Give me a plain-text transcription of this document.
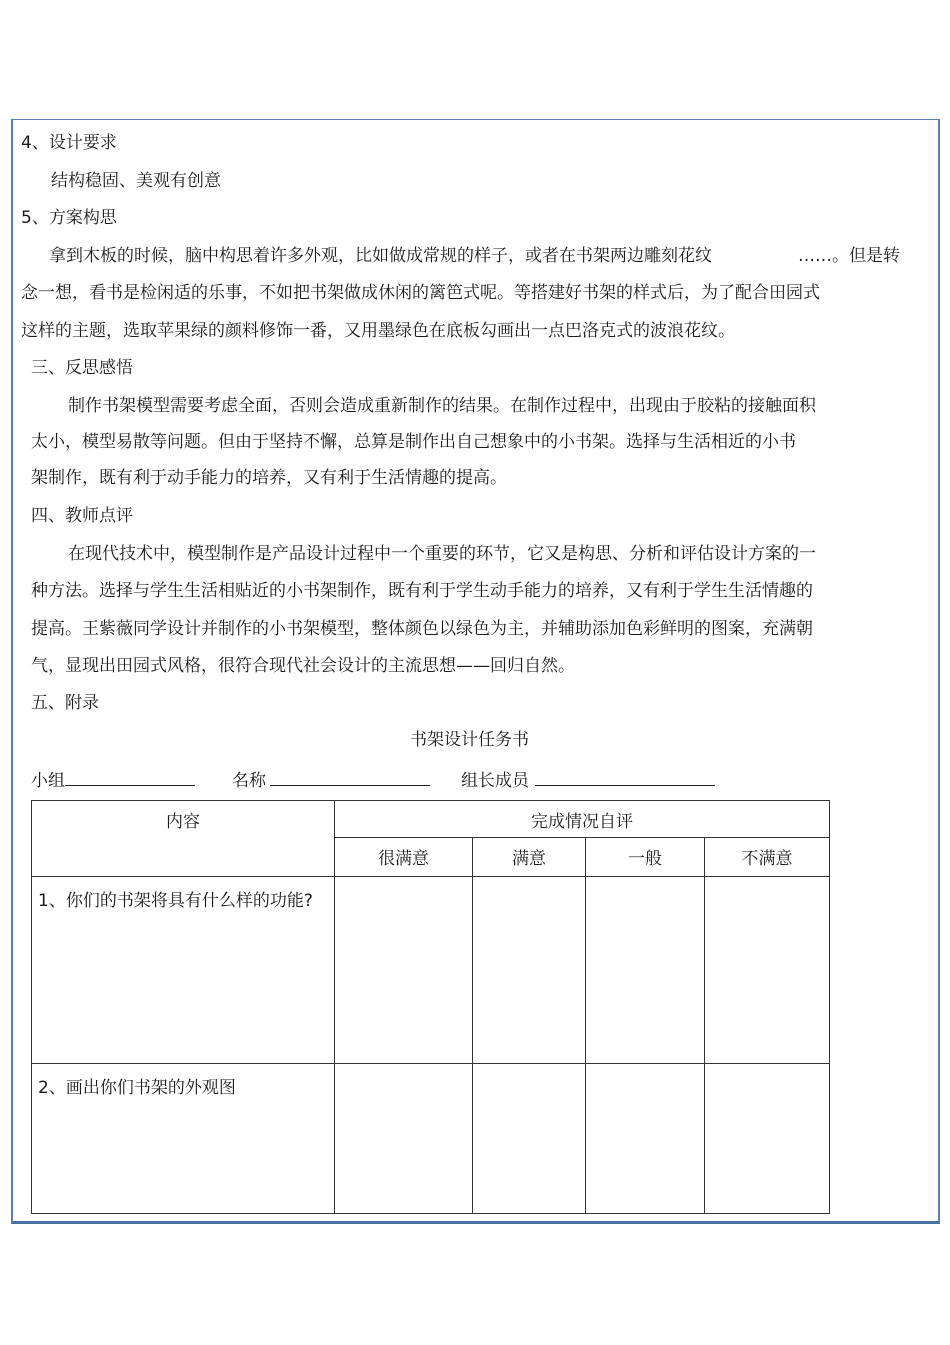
4、设计要求
结构稳固、美观有创意
5、方案构思
拿到木板的时候，脑中构思着许多外观，比如做成常规的样子，或者在书架两边雕刻花纹	……。但是转
念一想，看书是检闲适的乐事，不如把书架做成休闲的篱笆式呢。等搭建好书架的样式后，为了配合田园式
这样的主题，选取苹果绿的颜料修饰一番，又用墨绿色在底板勾画出一点巴洛克式的波浪花纹。
三、反思感悟
制作书架模型需要考虑全面，否则会造成重新制作的结果。在制作过程中，出现由于胶粘的接触面积
太小，模型易散等问题。但由于坚持不懈，总算是制作出自己想象中的小书架。选择与生活相近的小书
架制作，既有利于动手能力的培养，又有利于生活情趣的提高。
四、教师点评
在现代技术中，模型制作是产品设计过程中一个重要的环节，它又是构思、分析和评估设计方案的一
种方法。选择与学生生活相贴近的小书架制作，既有利于学生动手能力的培养，又有利于学生生活情趣的
提高。王紫薇同学设计并制作的小书架模型，整体颜色以绿色为主，并辅助添加色彩鲜明的图案，充满朝
气，显现出田园式风格，很符合现代社会设计的主流思想——回归自然。
五、附录
书架设计任务书
小组	名称	组长成员
内容	完成情况自评			
	很满意	满意	一般	不满意
1、你们的书架将具有什么样的功能?				
2、画出你们书架的外观图				
